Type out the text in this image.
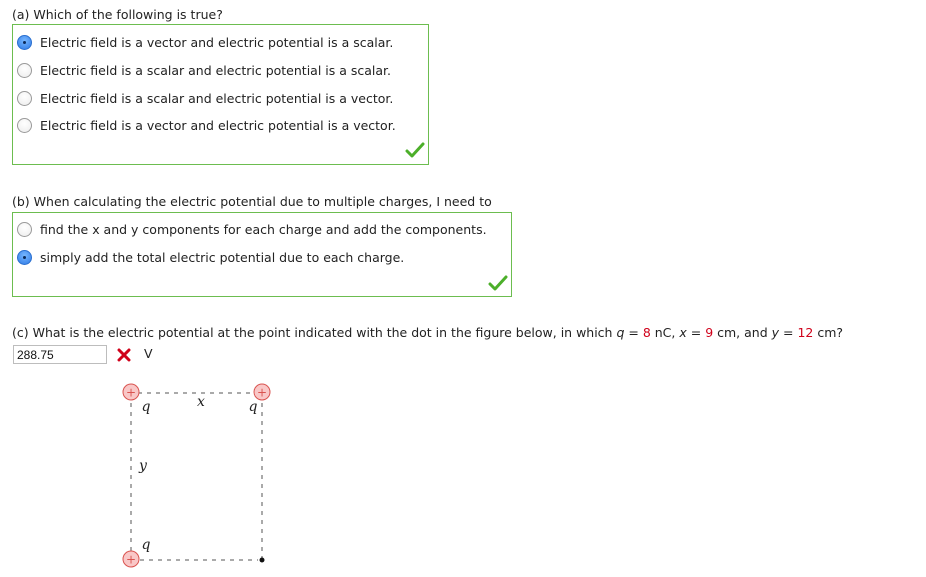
(a) Which of the following is true?
Electric field is a vector and electric potential is a scalar.
Electric field is a scalar and electric potential is a scalar.
Electric field is a scalar and electric potential is a vector.
Electric field is a vector and electric potential is a vector.
(b) When calculating the electric potential due to multiple charges, I need to
find the x and y components for each charge and add the components.
simply add the total electric potential due to each charge.
(c) What is the electric potential at the point indicated with the dot in the figure below, in which q = 8 nC, x = 9 cm, and y = 12 cm?
288.75
V
+	+
+
q	q
q
x
y
